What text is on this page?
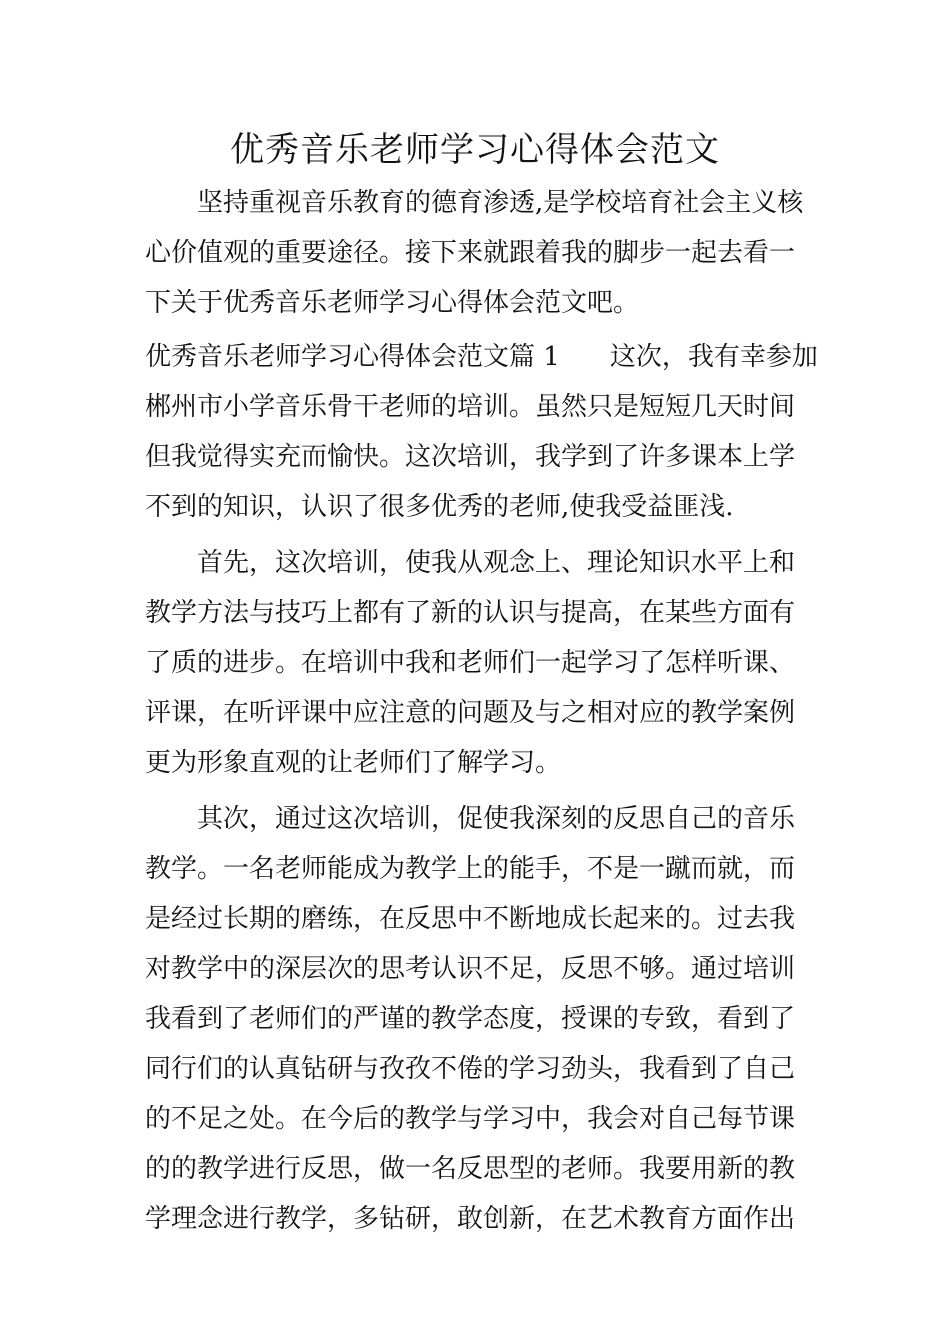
优秀音乐老师学习心得体会范文
坚持重视音乐教育的德育渗透,是学校培育社会主义核
心价值观的重要途径。接下来就跟着我的脚步一起去看一
下关于优秀音乐老师学习心得体会范文吧。
优秀音乐老师学习心得体会范文篇 1 这次，我有幸参加
郴州市小学音乐骨干老师的培训。虽然只是短短几天时间
但我觉得实充而愉快。这次培训，我学到了许多课本上学
不到的知识，认识了很多优秀的老师,使我受益匪浅.
首先，这次培训，使我从观念上、理论知识水平上和
教学方法与技巧上都有了新的认识与提高，在某些方面有
了质的进步。在培训中我和老师们一起学习了怎样听课、
评课，在听评课中应注意的问题及与之相对应的教学案例
更为形象直观的让老师们了解学习。
其次，通过这次培训，促使我深刻的反思自己的音乐
教学。一名老师能成为教学上的能手，不是一蹴而就，而
是经过长期的磨练，在反思中不断地成长起来的。过去我
对教学中的深层次的思考认识不足，反思不够。通过培训
我看到了老师们的严谨的教学态度，授课的专致，看到了
同行们的认真钻研与孜孜不倦的学习劲头，我看到了自己
的不足之处。在今后的教学与学习中，我会对自己每节课
的的教学进行反思，做一名反思型的老师。我要用新的教
学理念进行教学，多钻研，敢创新，在艺术教育方面作出
